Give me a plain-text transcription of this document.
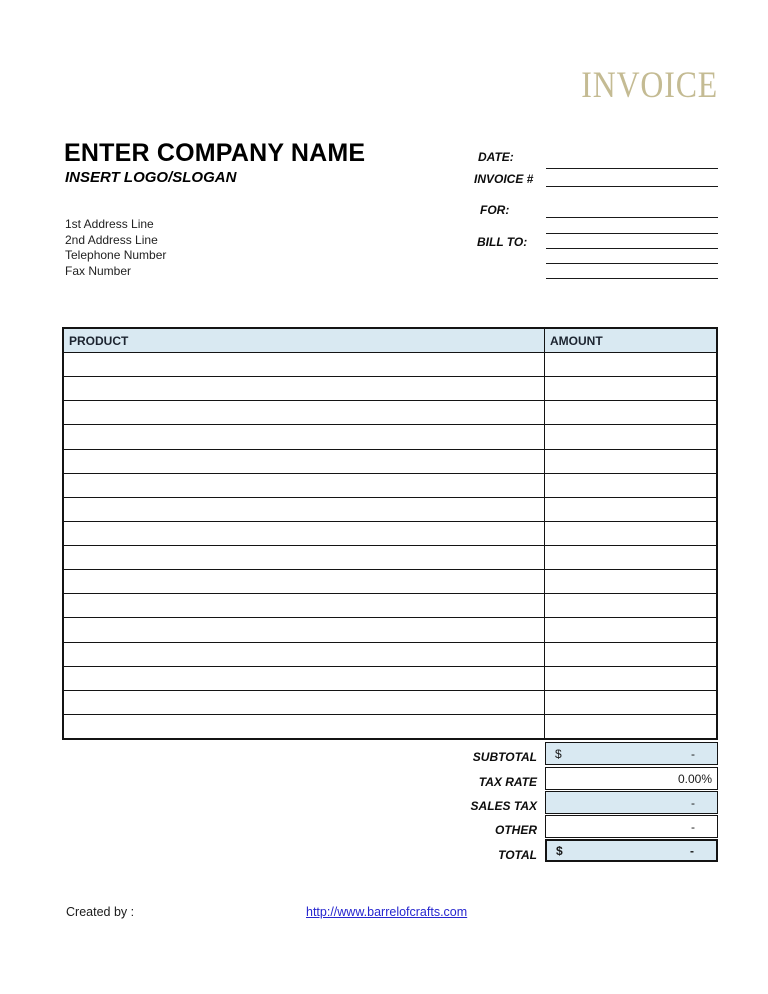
INVOICE
ENTER COMPANY NAME
INSERT LOGO/SLOGAN
1st Address Line
2nd Address Line
Telephone Number
Fax Number
DATE:
INVOICE #
FOR:
BILL TO:
PRODUCT	AMOUNT
SUBTOTAL	$	-
TAX RATE	0.00%
SALES TAX	-
OTHER	-
TOTAL	$	-
Created by :	http://www.barrelofcrafts.com
